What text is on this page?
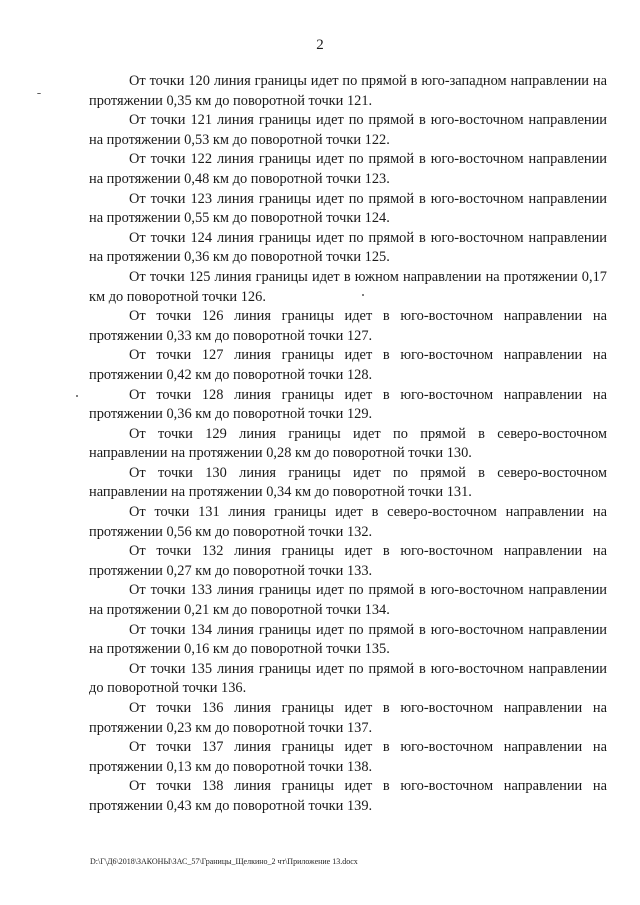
2

От точки 120 линия границы идет по прямой в юго-западном направлении на протяжении 0,35 км до поворотной точки 121.

От точки 121 линия границы идет по прямой в юго-восточном направлении на протяжении 0,53 км до поворотной точки 122.

От точки 122 линия границы идет по прямой в юго-восточном направлении на протяжении 0,48 км до поворотной точки 123.

От точки 123 линия границы идет по прямой в юго-восточном направлении на протяжении 0,55 км до поворотной точки 124.

От точки 124 линия границы идет по прямой в юго-восточном направлении на протяжении 0,36 км до поворотной точки 125.

От точки 125 линия границы идет в южном направлении на протяжении 0,17 км до поворотной точки 126.

От точки 126 линия границы идет в юго-восточном направлении на протяжении 0,33 км до поворотной точки 127.

От точки 127 линия границы идет в юго-восточном направлении на протяжении 0,42 км до поворотной точки 128.

От точки 128 линия границы идет в юго-восточном направлении на протяжении 0,36 км до поворотной точки 129.

От точки 129 линия границы идет по прямой в северо-восточном направлении на протяжении 0,28 км до поворотной точки 130.

От точки 130 линия границы идет по прямой в северо-восточном направлении на протяжении 0,34 км до поворотной точки 131.

От точки 131 линия границы идет в северо-восточном направлении на протяжении 0,56 км до поворотной точки 132.

От точки 132 линия границы идет в юго-восточном направлении на протяжении 0,27 км до поворотной точки 133.

От точки 133 линия границы идет по прямой в юго-восточном направлении на протяжении 0,21 км до поворотной точки 134.

От точки 134 линия границы идет по прямой в юго-восточном направлении на протяжении 0,16 км до поворотной точки 135.

От точки 135 линия границы идет по прямой в юго-восточном направлении до поворотной точки 136.

От точки 136 линия границы идет в юго-восточном направлении на протяжении 0,23 км до поворотной точки 137.

От точки 137 линия границы идет в юго-восточном направлении на протяжении 0,13 км до поворотной точки 138.

От точки 138 линия границы идет в юго-восточном направлении на протяжении 0,43 км до поворотной точки 139.

D:\Г\Д6\2018\ЗАКОНЫ\ЗАС_57\Границы_Щелкино_2 чт\Приложение 13.docx
